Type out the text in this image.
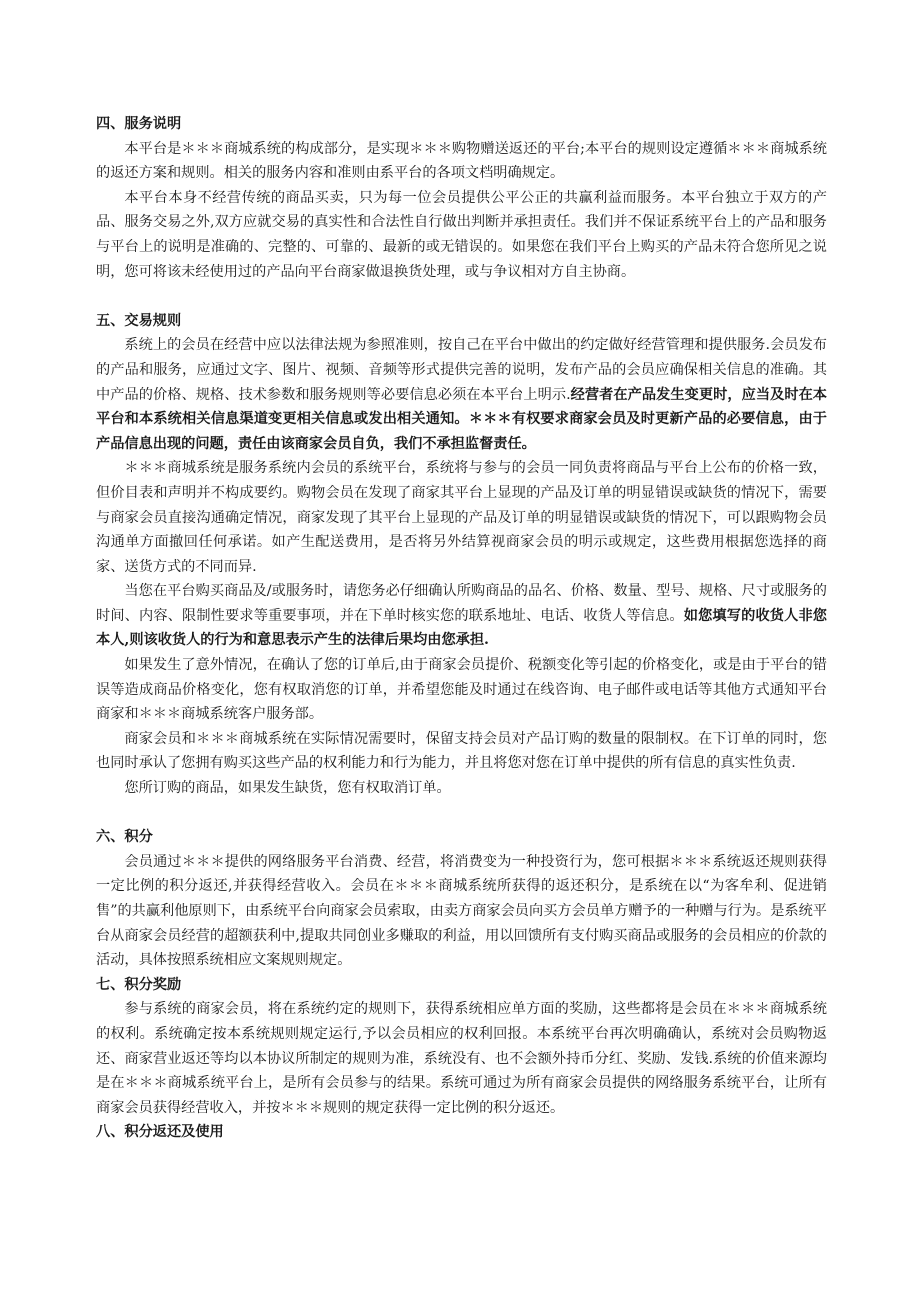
四、服务说明

本平台是＊＊＊商城系统的构成部分，是实现＊＊＊购物赠送返还的平台;本平台的规则设定遵循＊＊＊商城系统的返还方案和规则。相关的服务内容和准则由系平台的各项文档明确规定。

本平台本身不经营传统的商品买卖，只为每一位会员提供公平公正的共赢利益而服务。本平台独立于双方的产品、服务交易之外,双方应就交易的真实性和合法性自行做出判断并承担责任。我们并不保证系统平台上的产品和服务与平台上的说明是准确的、完整的、可靠的、最新的或无错误的。如果您在我们平台上购买的产品未符合您所见之说明，您可将该未经使用过的产品向平台商家做退换货处理，或与争议相对方自主协商。

五、交易规则

系统上的会员在经营中应以法律法规为参照准则，按自己在平台中做出的约定做好经营管理和提供服务.会员发布的产品和服务，应通过文字、图片、视频、音频等形式提供完善的说明，发布产品的会员应确保相关信息的准确。其中产品的价格、规格、技术参数和服务规则等必要信息必须在本平台上明示.经营者在产品发生变更时，应当及时在本平台和本系统相关信息渠道变更相关信息或发出相关通知。＊＊＊有权要求商家会员及时更新产品的必要信息，由于产品信息出现的问题，责任由该商家会员自负，我们不承担监督责任。

＊＊＊商城系统是服务系统内会员的系统平台，系统将与参与的会员一同负责将商品与平台上公布的价格一致，但价目表和声明并不构成要约。购物会员在发现了商家其平台上显现的产品及订单的明显错误或缺货的情况下，需要与商家会员直接沟通确定情况，商家发现了其平台上显现的产品及订单的明显错误或缺货的情况下，可以跟购物会员沟通单方面撤回任何承诺。如产生配送费用，是否将另外结算视商家会员的明示或规定，这些费用根据您选择的商家、送货方式的不同而异.

当您在平台购买商品及/或服务时，请您务必仔细确认所购商品的品名、价格、数量、型号、规格、尺寸或服务的时间、内容、限制性要求等重要事项，并在下单时核实您的联系地址、电话、收货人等信息。如您填写的收货人非您本人,则该收货人的行为和意思表示产生的法律后果均由您承担.

如果发生了意外情况，在确认了您的订单后,由于商家会员提价、税额变化等引起的价格变化，或是由于平台的错误等造成商品价格变化，您有权取消您的订单，并希望您能及时通过在线咨询、电子邮件或电话等其他方式通知平台商家和＊＊＊商城系统客户服务部。

商家会员和＊＊＊商城系统在实际情况需要时，保留支持会员对产品订购的数量的限制权。在下订单的同时，您也同时承认了您拥有购买这些产品的权利能力和行为能力，并且将您对您在订单中提供的所有信息的真实性负责.

您所订购的商品，如果发生缺货，您有权取消订单。

六、积分

会员通过＊＊＊提供的网络服务平台消费、经营，将消费变为一种投资行为，您可根据＊＊＊系统返还规则获得一定比例的积分返还,并获得经营收入。会员在＊＊＊商城系统所获得的返还积分，是系统在以“为客牟利、促进销售”的共赢利他原则下，由系统平台向商家会员索取，由卖方商家会员向买方会员单方赠予的一种赠与行为。是系统平台从商家会员经营的超额获利中,提取共同创业多赚取的利益，用以回馈所有支付购买商品或服务的会员相应的价款的活动，具体按照系统相应文案规则规定。

七、积分奖励

参与系统的商家会员，将在系统约定的规则下，获得系统相应单方面的奖励，这些都将是会员在＊＊＊商城系统的权利。系统确定按本系统规则规定运行,予以会员相应的权利回报。本系统平台再次明确确认，系统对会员购物返还、商家营业返还等均以本协议所制定的规则为准，系统没有、也不会额外持币分红、奖励、发钱.系统的价值来源均是在＊＊＊商城系统平台上，是所有会员参与的结果。系统可通过为所有商家会员提供的网络服务系统平台，让所有商家会员获得经营收入，并按＊＊＊规则的规定获得一定比例的积分返还。

八、积分返还及使用
